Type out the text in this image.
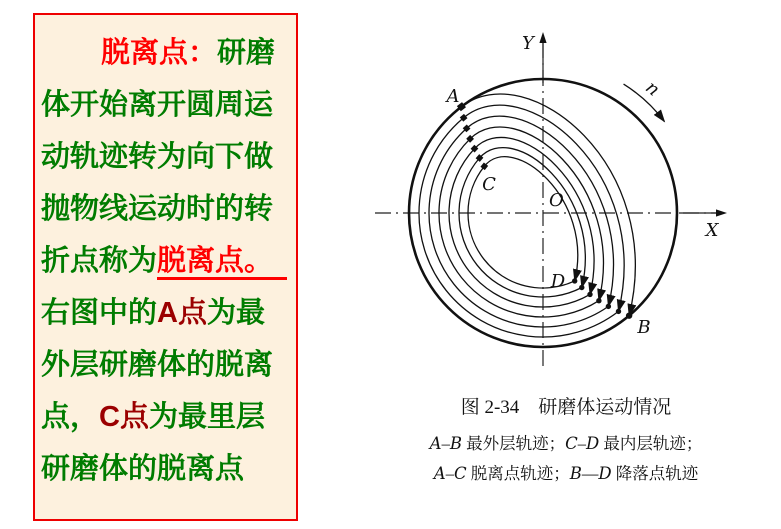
脱离点：研磨
体开始离开圆周运
动轨迹转为向下做
抛物线运动时的转
折点称为脱离点。
右图中的A点为最
外层研磨体的脱离
点，C点为最里层
研磨体的脱离点
n
A
B
C
D
O
X
Y
图 2-34　研磨体运动情况
A–B 最外层轨迹；C–D 最内层轨迹；
A–C 脱离点轨迹；B—D 降落点轨迹
